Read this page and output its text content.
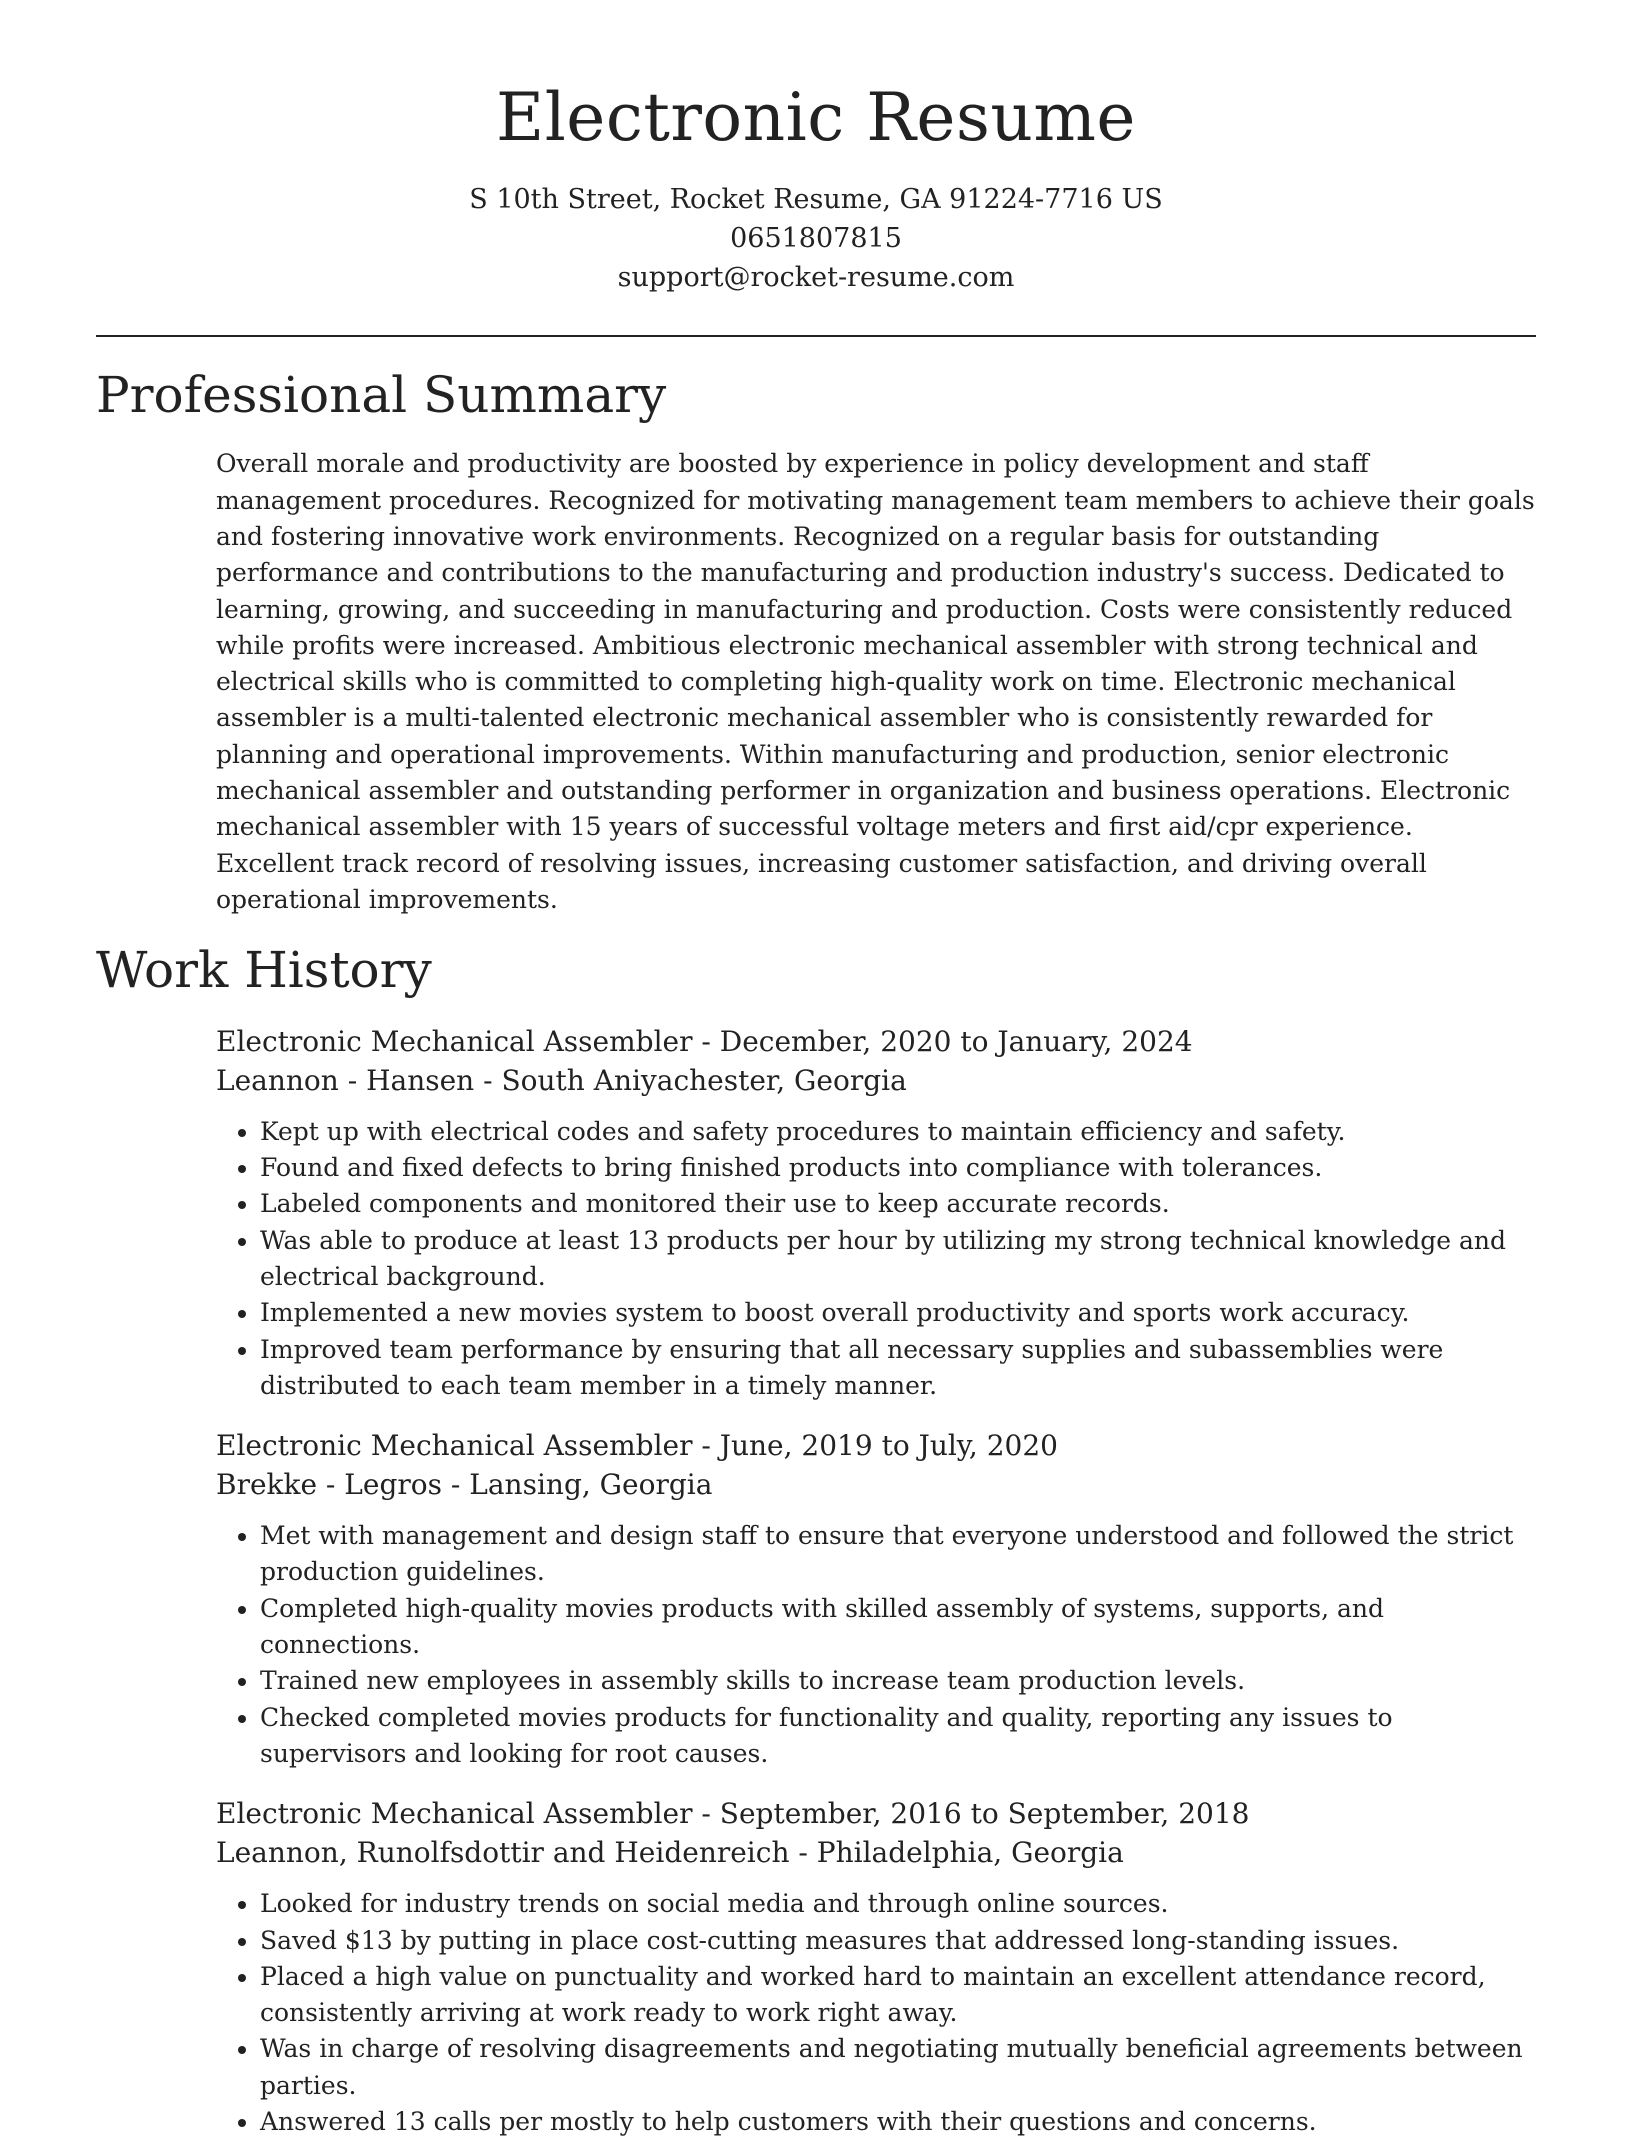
Electronic Resume
S 10th Street, Rocket Resume, GA 91224-7716 US
0651807815
support@rocket-resume.com
Professional Summary

Overall morale and productivity are boosted by experience in policy development and staff management procedures. Recognized for motivating management team members to achieve their goals and fostering innovative work environments. Recognized on a regular basis for outstanding performance and contributions to the manufacturing and production industry's success. Dedicated to learning, growing, and succeeding in manufacturing and production. Costs were consistently reduced while profits were increased. Ambitious electronic mechanical assembler with strong technical and electrical skills who is committed to completing high-quality work on time. Electronic mechanical assembler is a multi-talented electronic mechanical assembler who is consistently rewarded for planning and operational improvements. Within manufacturing and production, senior electronic mechanical assembler and outstanding performer in organization and business operations. Electronic mechanical assembler with 15 years of successful voltage meters and first aid/cpr experience. Excellent track record of resolving issues, increasing customer satisfaction, and driving overall operational improvements.

Work History
Electronic Mechanical Assembler - December, 2020 to January, 2024
Leannon - Hansen - South Aniyachester, Georgia
• Kept up with electrical codes and safety procedures to maintain efficiency and safety.
• Found and fixed defects to bring finished products into compliance with tolerances.
• Labeled components and monitored their use to keep accurate records.
• Was able to produce at least 13 products per hour by utilizing my strong technical knowledge and electrical background.
• Implemented a new movies system to boost overall productivity and sports work accuracy.
• Improved team performance by ensuring that all necessary supplies and subassemblies were distributed to each team member in a timely manner.
Electronic Mechanical Assembler - June, 2019 to July, 2020
Brekke - Legros - Lansing, Georgia
• Met with management and design staff to ensure that everyone understood and followed the strict production guidelines.
• Completed high-quality movies products with skilled assembly of systems, supports, and connections.
• Trained new employees in assembly skills to increase team production levels.
• Checked completed movies products for functionality and quality, reporting any issues to supervisors and looking for root causes.
Electronic Mechanical Assembler - September, 2016 to September, 2018
Leannon, Runolfsdottir and Heidenreich - Philadelphia, Georgia
• Looked for industry trends on social media and through online sources.
• Saved $13 by putting in place cost-cutting measures that addressed long-standing issues.
• Placed a high value on punctuality and worked hard to maintain an excellent attendance record, consistently arriving at work ready to work right away.
• Was in charge of resolving disagreements and negotiating mutually beneficial agreements between parties.
• Answered 13 calls per mostly to help customers with their questions and concerns.
